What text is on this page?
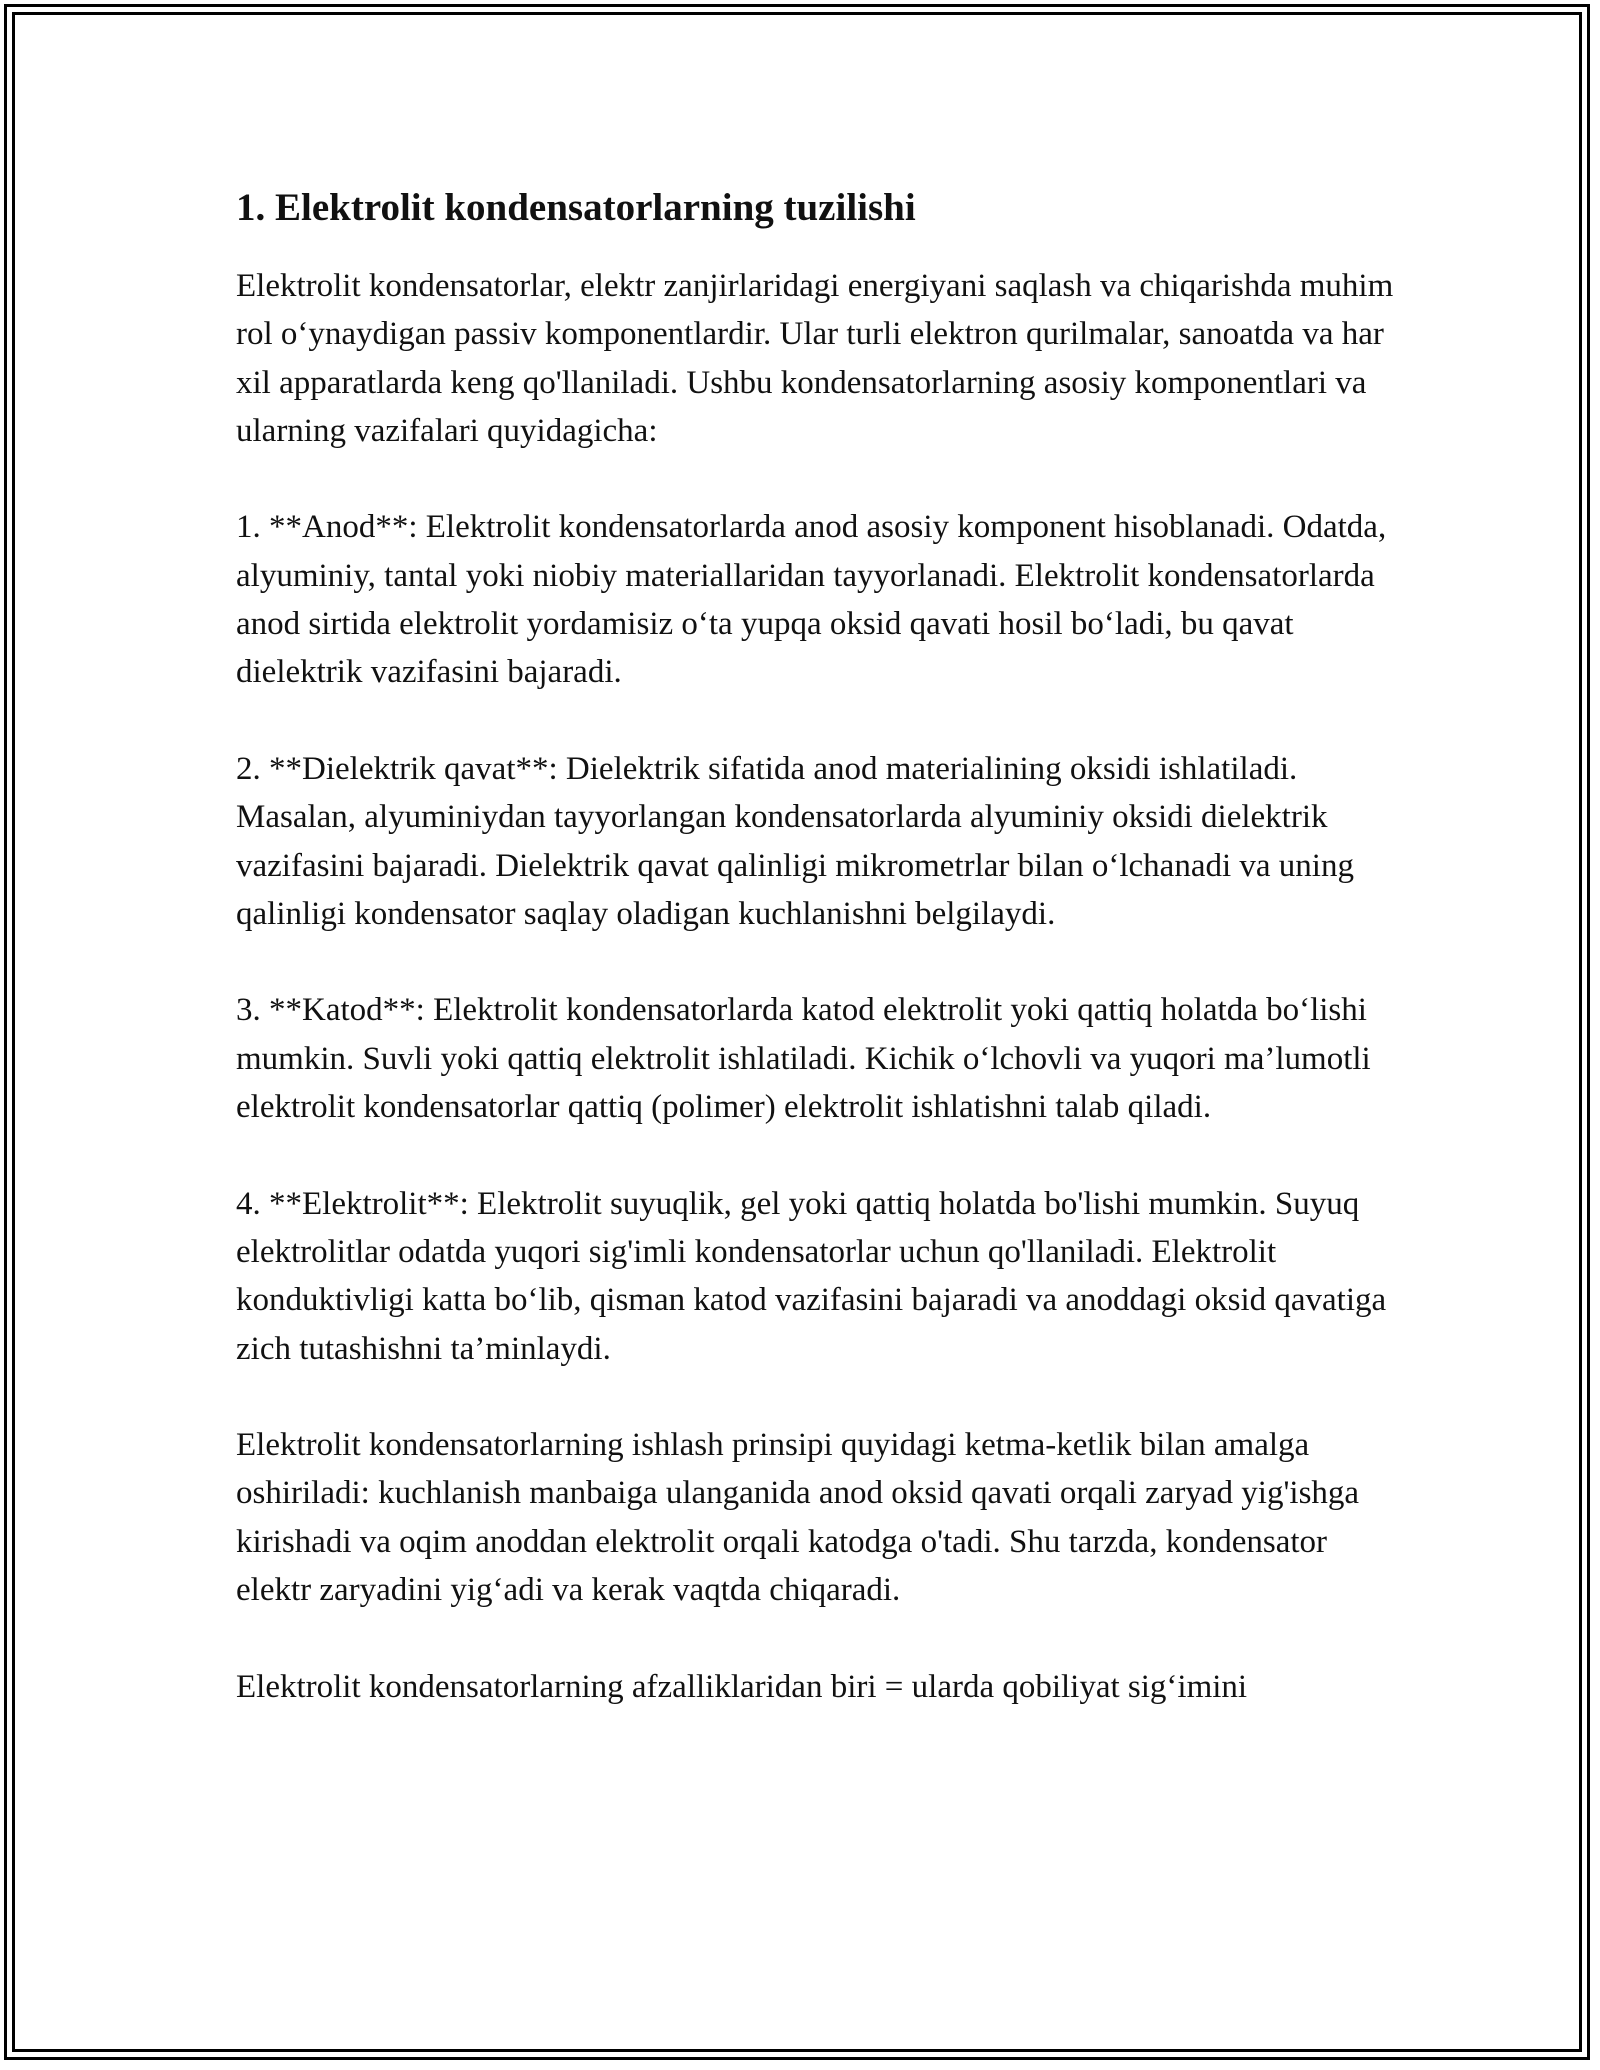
1. Elektrolit kondensatorlarning tuzilishi

Elektrolit kondensatorlar, elektr zanjirlaridagi energiyani saqlash va chiqarishda muhim rol o‘ynaydigan passiv komponentlardir. Ular turli elektron qurilmalar, sanoatda va har xil apparatlarda keng qo'llaniladi. Ushbu kondensatorlarning asosiy komponentlari va ularning vazifalari quyidagicha:

1. **Anod**: Elektrolit kondensatorlarda anod asosiy komponent hisoblanadi. Odatda, alyuminiy, tantal yoki niobiy materiallaridan tayyorlanadi. Elektrolit kondensatorlarda anod sirtida elektrolit yordamisiz o‘ta yupqa oksid qavati hosil bo‘ladi, bu qavat dielektrik vazifasini bajaradi.

2. **Dielektrik qavat**: Dielektrik sifatida anod materialining oksidi ishlatiladi. Masalan, alyuminiydan tayyorlangan kondensatorlarda alyuminiy oksidi dielektrik vazifasini bajaradi. Dielektrik qavat qalinligi mikrometrlar bilan o‘lchanadi va uning qalinligi kondensator saqlay oladigan kuchlanishni belgilaydi.

3. **Katod**: Elektrolit kondensatorlarda katod elektrolit yoki qattiq holatda bo‘lishi mumkin. Suvli yoki qattiq elektrolit ishlatiladi. Kichik o‘lchovli va yuqori ma’lumotli elektrolit kondensatorlar qattiq (polimer) elektrolit ishlatishni talab qiladi.

4. **Elektrolit**: Elektrolit suyuqlik, gel yoki qattiq holatda bo'lishi mumkin. Suyuq elektrolitlar odatda yuqori sig'imli kondensatorlar uchun qo'llaniladi. Elektrolit konduktivligi katta bo‘lib, qisman katod vazifasini bajaradi va anoddagi oksid qavatiga zich tutashishni ta’minlaydi.

Elektrolit kondensatorlarning ishlash prinsipi quyidagi ketma-ketlik bilan amalga oshiriladi: kuchlanish manbaiga ulanganida anod oksid qavati orqali zaryad yig'ishga kirishadi va oqim anoddan elektrolit orqali katodga o'tadi. Shu tarzda, kondensator elektr zaryadini yig‘adi va kerak vaqtda chiqaradi.

Elektrolit kondensatorlarning afzalliklaridan biri = ularda qobiliyat sig‘imini
